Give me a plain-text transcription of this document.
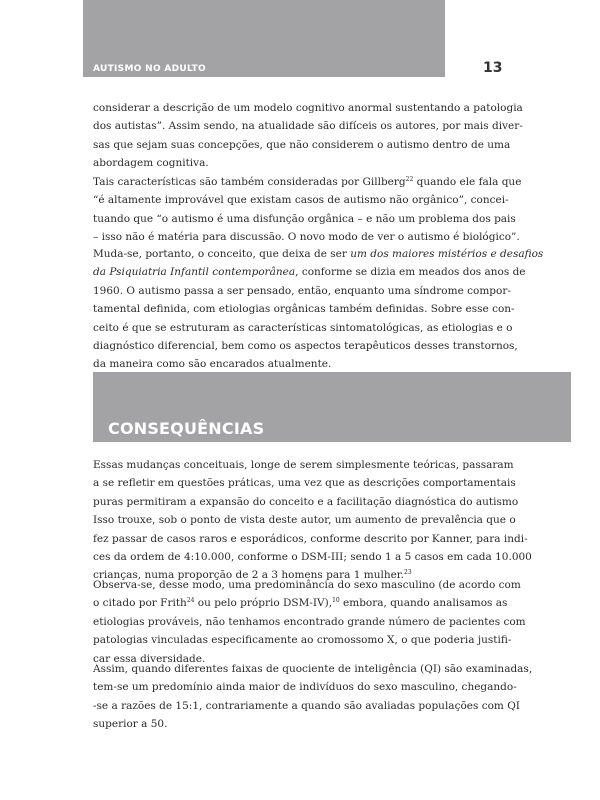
AUTISMO NO ADULTO	13

considerar a descrição de um modelo cognitivo anormal sustentando a patologia
dos autistas”. Assim sendo, na atualidade são difíceis os autores, por mais diver-
sas que sejam suas concepções, que não considerem o autismo dentro de uma
abordagem cognitiva.

Tais características são também consideradas por Gillberg$^{22}$ quando ele fala que
“é altamente improvável que existam casos de autismo não orgânico”, concei-
tuando que “o autismo é uma disfunção orgânica – e não um problema dos pais
– isso não é matéria para discussão. O novo modo de ver o autismo é biológico”.

Muda-se, portanto, o conceito, que deixa de ser um dos maiores mistérios e desafios
da Psiquiatria Infantil contemporânea, conforme se dizia em meados dos anos de
1960. O autismo passa a ser pensado, então, enquanto uma síndrome compor-
tamental definida, com etiologias orgânicas também definidas. Sobre esse con-
ceito é que se estruturam as características sintomatológicas, as etiologias e o
diagnóstico diferencial, bem como os aspectos terapêuticos desses transtornos,
da maneira como são encarados atualmente.

CONSEQUÊNCIAS

Essas mudanças conceituais, longe de serem simplesmente teóricas, passaram
a se refletir em questões práticas, uma vez que as descrições comportamentais
puras permitiram a expansão do conceito e a facilitação diagnóstica do autismo
Isso trouxe, sob o ponto de vista deste autor, um aumento de prevalência que o
fez passar de casos raros e esporádicos, conforme descrito por Kanner, para indi-
ces da ordem de 4:10.000, conforme o DSM-III; sendo 1 a 5 casos em cada 10.000
crianças, numa proporção de 2 a 3 homens para 1 mulher.$^{23}$

Observa-se, desse modo, uma predominância do sexo masculino (de acordo com
o citado por Frith$^{24}$ ou pelo próprio DSM-IV),$^{10}$ embora, quando analisamos as
etiologias prováveis, não tenhamos encontrado grande número de pacientes com
patologias vinculadas especificamente ao cromossomo X, o que poderia justifi-
car essa diversidade.

Assim, quando diferentes faixas de quociente de inteligência (QI) são examinadas,
tem-se um predomínio ainda maior de indivíduos do sexo masculino, chegando-
-se a razões de 15:1, contrariamente a quando são avaliadas populações com QI
superior a 50.
